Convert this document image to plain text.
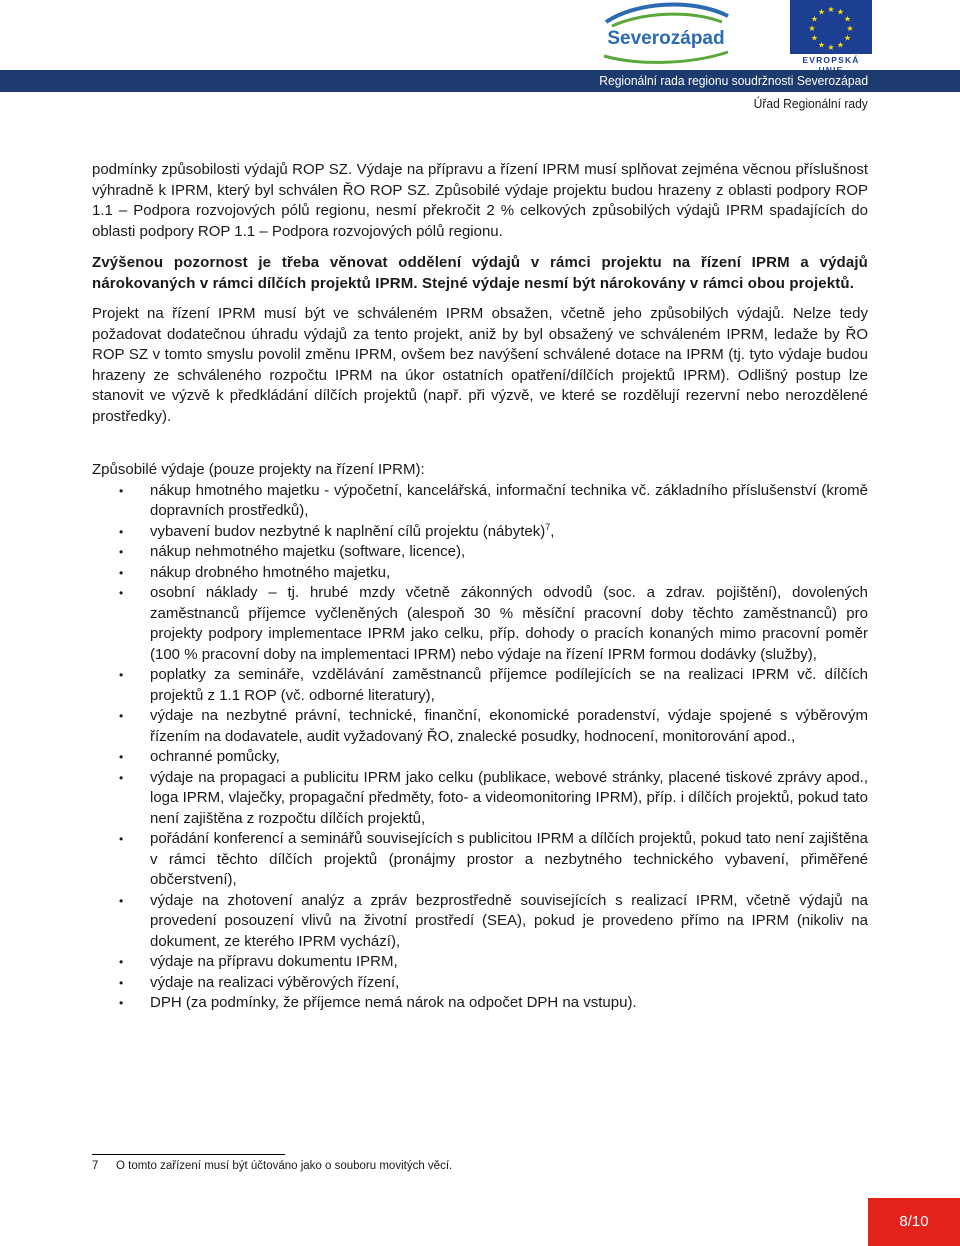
Severozápad
★ ★
★
★
★
★
★
★
★
★
★
★
EVROPSKÁ
Regionální rada regionu soudržnosti Severozápad
Úřad Regionální rady

podmínky způsobilosti výdajů ROP SZ. Výdaje na přípravu a řízení IPRM musí splňovat zejména věcnou příslušnost výhradně k IPRM, který byl schválen ŘO ROP SZ. Způsobilé výdaje projektu budou hrazeny z oblasti podpory ROP 1.1 – Podpora rozvojových pólů regionu, nesmí překročit 2 % celkových způsobilých výdajů IPRM spadajících do oblasti podpory ROP 1.1 – Podpora rozvojových pólů regionu.

Zvýšenou pozornost je třeba věnovat oddělení výdajů v rámci projektu na řízení IPRM a výdajů nárokovaných v rámci dílčích projektů IPRM. Stejné výdaje nesmí být nárokovány v rámci obou projektů.

Projekt na řízení IPRM musí být ve schváleném IPRM obsažen, včetně jeho způsobilých výdajů. Nelze tedy požadovat dodatečnou úhradu výdajů za tento projekt, aniž by byl obsažený ve schváleném IPRM, ledaže by ŘO ROP SZ v tomto smyslu povolil změnu IPRM, ovšem bez navýšení schválené dotace na IPRM (tj. tyto výdaje budou hrazeny ze schváleného rozpočtu IPRM na úkor ostatních opatření/dílčích projektů IPRM). Odlišný postup lze stanovit ve výzvě k předkládání dílčích projektů (např. při výzvě, ve které se rozdělují rezervní nebo nerozdělené prostředky).

Způsobilé výdaje (pouze projekty na řízení IPRM):

• nákup hmotného majetku - výpočetní, kancelářská, informační technika vč. základního příslušenství (kromě dopravních prostředků),
• vybavení budov nezbytné k naplnění cílů projektu (nábytek)$^7$,
• nákup nehmotného majetku (software, licence),
• nákup drobného hmotného majetku,
• osobní náklady – tj. hrubé mzdy včetně zákonných odvodů (soc. a zdrav. pojištění), dovolených zaměstnanců příjemce vyčleněných (alespoň 30 % měsíční pracovní doby těchto zaměstnanců) pro projekty podpory implementace IPRM jako celku, příp. dohody o pracích konaných mimo pracovní poměr (100 % pracovní doby na implementaci IPRM) nebo výdaje na řízení IPRM formou dodávky (služby),
• poplatky za semináře, vzdělávání zaměstnanců příjemce podílejících se na realizaci IPRM vč. dílčích projektů z 1.1 ROP (vč. odborné literatury),
• výdaje na nezbytné právní, technické, finanční, ekonomické poradenství, výdaje spojené s výběrovým řízením na dodavatele, audit vyžadovaný ŘO, znalecké posudky, hodnocení, monitorování apod.,
• ochranné pomůcky,
• výdaje na propagaci a publicitu IPRM jako celku (publikace, webové stránky, placené tiskové zprávy apod., loga IPRM, vlaječky, propagační předměty, foto- a videomonitoring IPRM), příp. i dílčích projektů, pokud tato není zajištěna z rozpočtu dílčích projektů,
• pořádání konferencí a seminářů souvisejících s publicitou IPRM a dílčích projektů, pokud tato není zajištěna v rámci těchto dílčích projektů (pronájmy prostor a nezbytného technického vybavení, přiměřené občerstvení),
• výdaje na zhotovení analýz a zpráv bezprostředně souvisejících s realizací IPRM, včetně výdajů na provedení posouzení vlivů na životní prostředí (SEA), pokud je provedeno přímo na IPRM (nikoliv na dokument, ze kterého IPRM vychází),
• výdaje na přípravu dokumentu IPRM,
• výdaje na realizaci výběrových řízení,
• DPH (za podmínky, že příjemce nemá nárok na odpočet DPH na vstupu).
7 O tomto zařízení musí být účtováno jako o souboru movitých věcí.
8/10
